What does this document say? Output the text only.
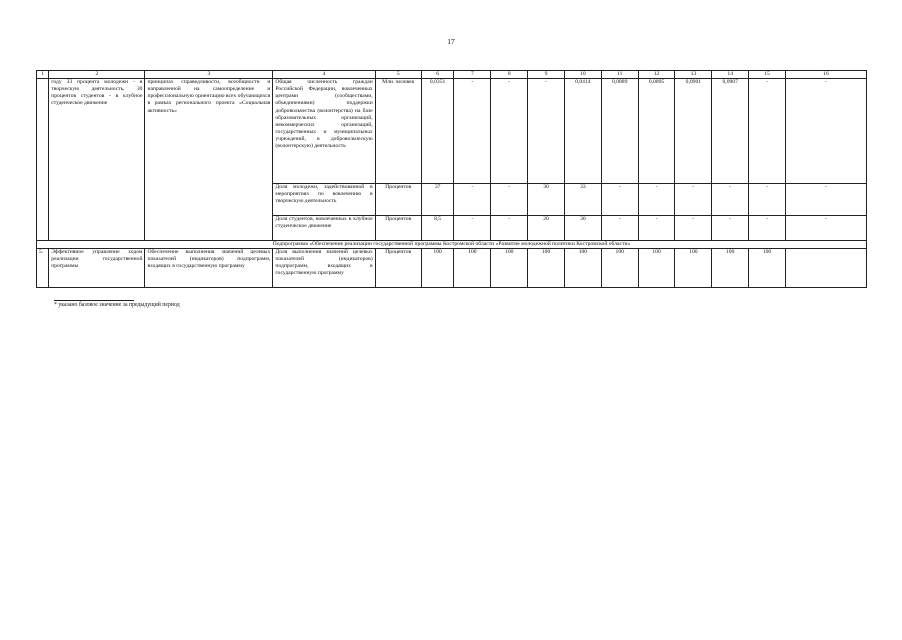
17
1	2	3	4	5	6	7	8	9	10	11	12	13	14	15	16
	году 33 процента молодежи - в творческую деятельность, 30 процентов студентов - в клубное студенческое движение	принципах справедливости, всеобщности и направленной на самоопределение и профессиональную ориентацию всех обучающихся в рамках регионального проекта «Социальная активность»	Общая численность граждан Российской Федерации, вовлеченных центрами (сообществами, объединениями) поддержки добровольчества (волонтерства) на базе образовательных организаций, некоммерческих организаций, государственных и муниципальных учреждений, в добровольческую (волонтерскую) деятельность	Млн. человек	0,0351	-	-	-	0,0414	0,0889	0,0895	0,0901	0,0907	-	-
			Доля молодежи, задействованной в мероприятиях по вовлечению в творческую деятельность	Процентов	37	-	-	30	33	-	-	-	-	-	-
			Доля студентов, вовлеченных в клубное студенческое движение	Процентов	8,5	-	-	20	30	-	-	-	-	-	-
Подпрограмма «Обеспечение реализации государственной программы Костромской области «Развитие молодежной политики Костромской области»															
5.	Эффективное управление ходом реализации государственной программы	Обеспечение выполнения значений целевых показателей (индикаторов) подпрограмм, входящих в государственную программу	Доля выполнения значений целевых показателей (индикаторов) подпрограмм, входящих в государственную программу	Процентов	100	100	100	100	100	100	100	100	100	100	
* указано базовое значение за предыдущий период
